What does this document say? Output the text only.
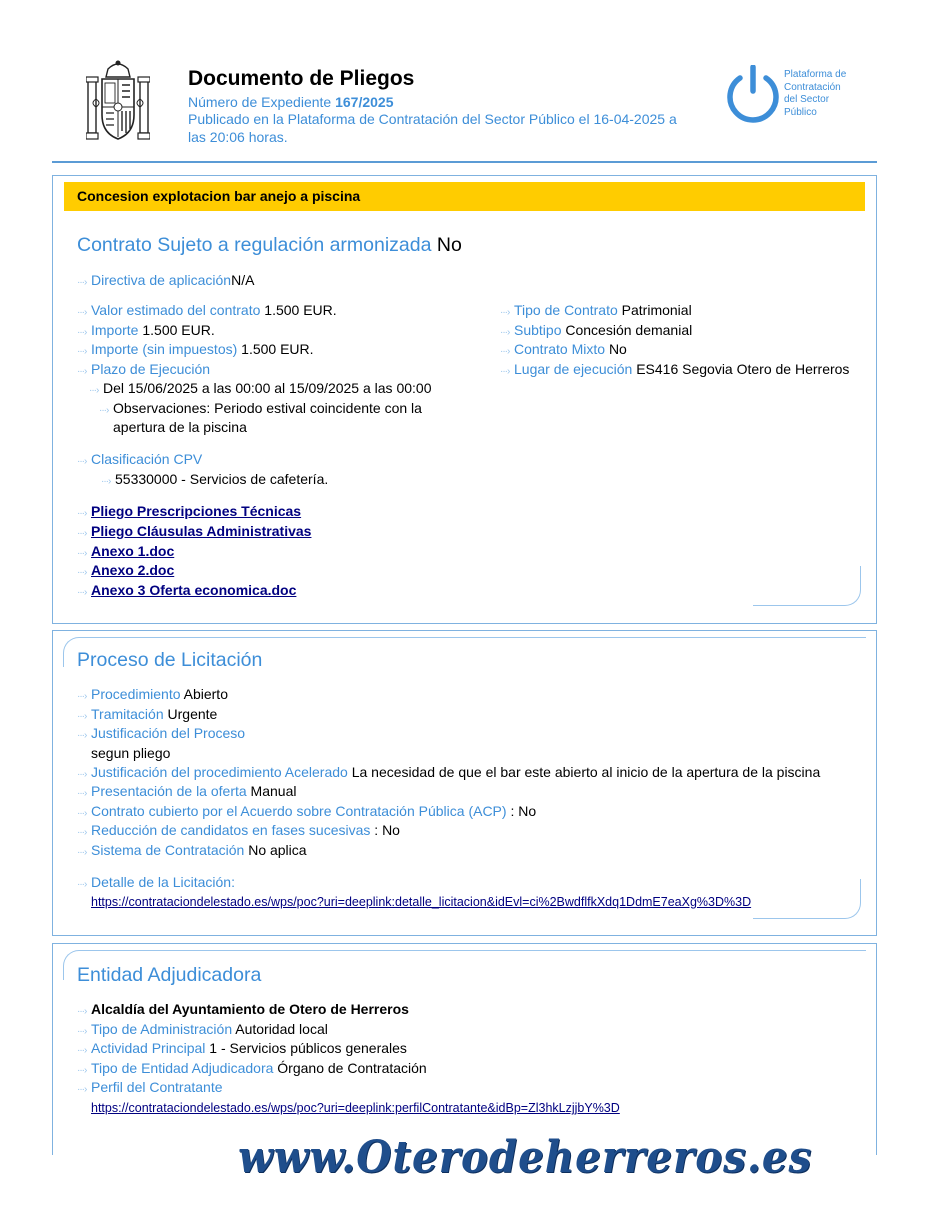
Documento de Pliegos
Número de Expediente 167/2025
Publicado en la Plataforma de Contratación del Sector Público el 16-04-2025 a
las 20:06 horas.
Plataforma de
Contratación
del Sector
Público
Concesion explotacion bar anejo a piscina
Contrato Sujeto a regulación armonizada No
···› Directiva de aplicaciónN/A
···› Valor estimado del contrato 1.500 EUR.
···› Importe 1.500 EUR.
···› Importe (sin impuestos) 1.500 EUR.
···› Plazo de Ejecución
···› Del 15/06/2025 a las 00:00 al 15/09/2025 a las 00:00
···› Observaciones: Periodo estival coincidente con la
apertura de la piscina
···› Tipo de Contrato Patrimonial
···› Subtipo Concesión demanial
···› Contrato Mixto No
···› Lugar de ejecución ES416 Segovia Otero de Herreros
···› Clasificación CPV
···› 55330000 - Servicios de cafetería.
···› Pliego Prescripciones Técnicas
···› Pliego Cláusulas Administrativas
···› Anexo 1.doc
···› Anexo 2.doc
···› Anexo 3 Oferta economica.doc
Proceso de Licitación
···› Procedimiento Abierto
···› Tramitación Urgente
···› Justificación del Proceso
segun pliego
···› Justificación del procedimiento Acelerado La necesidad de que el bar este abierto al inicio de la apertura de la piscina
···› Presentación de la oferta Manual
···› Contrato cubierto por el Acuerdo sobre Contratación Pública (ACP) : No
···› Reducción de candidatos en fases sucesivas : No
···› Sistema de Contratación No aplica
···› Detalle de la Licitación:
https://contrataciondelestado.es/wps/poc?uri=deeplink:detalle_licitacion&idEvl=ci%2BwdflfkXdq1DdmE7eaXg%3D%3D
Entidad Adjudicadora
···› Alcaldía del Ayuntamiento de Otero de Herreros
···› Tipo de Administración Autoridad local
···› Actividad Principal 1 - Servicios públicos generales
···› Tipo de Entidad Adjudicadora Órgano de Contratación
···› Perfil del Contratante
https://contrataciondelestado.es/wps/poc?uri=deeplink:perfilContratante&idBp=Zl3hkLzjjbY%3D
www.Oterodeherreros.es
